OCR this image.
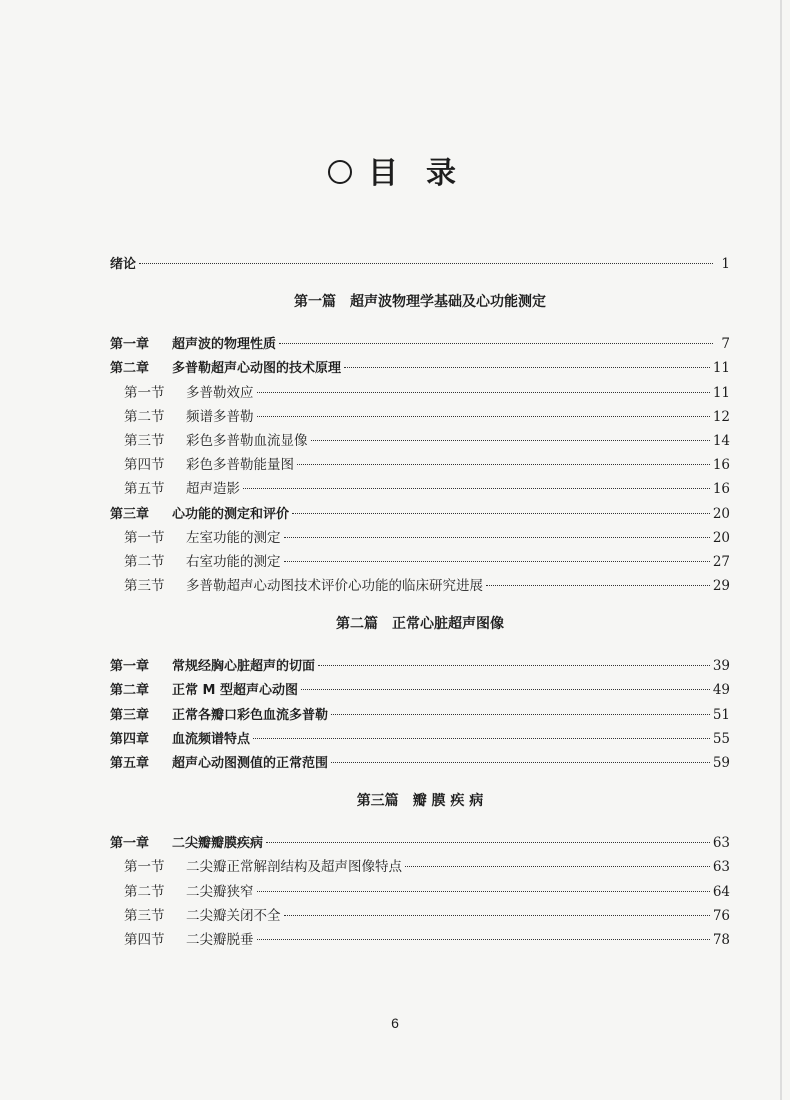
目 录
绪论	1
第一篇 超声波物理学基础及心功能测定
第一章 超声波的物理性质	7
第二章 多普勒超声心动图的技术原理	11
第一节 多普勒效应	11
第二节 频谱多普勒	12
第三节 彩色多普勒血流显像	14
第四节 彩色多普勒能量图	16
第五节 超声造影	16
第三章 心功能的测定和评价	20
第一节 左室功能的测定	20
第二节 右室功能的测定	27
第三节 多普勒超声心动图技术评价心功能的临床研究进展	29
第二篇 正常心脏超声图像
第一章 常规经胸心脏超声的切面	39
第二章 正常 M 型超声心动图	49
第三章 正常各瓣口彩色血流多普勒	51
第四章 血流频谱特点	55
第五章 超声心动图测值的正常范围	59
第三篇 瓣 膜 疾 病
第一章 二尖瓣瓣膜疾病	63
第一节 二尖瓣正常解剖结构及超声图像特点	63
第二节 二尖瓣狭窄	64
第三节 二尖瓣关闭不全	76
第四节 二尖瓣脱垂	78
6
